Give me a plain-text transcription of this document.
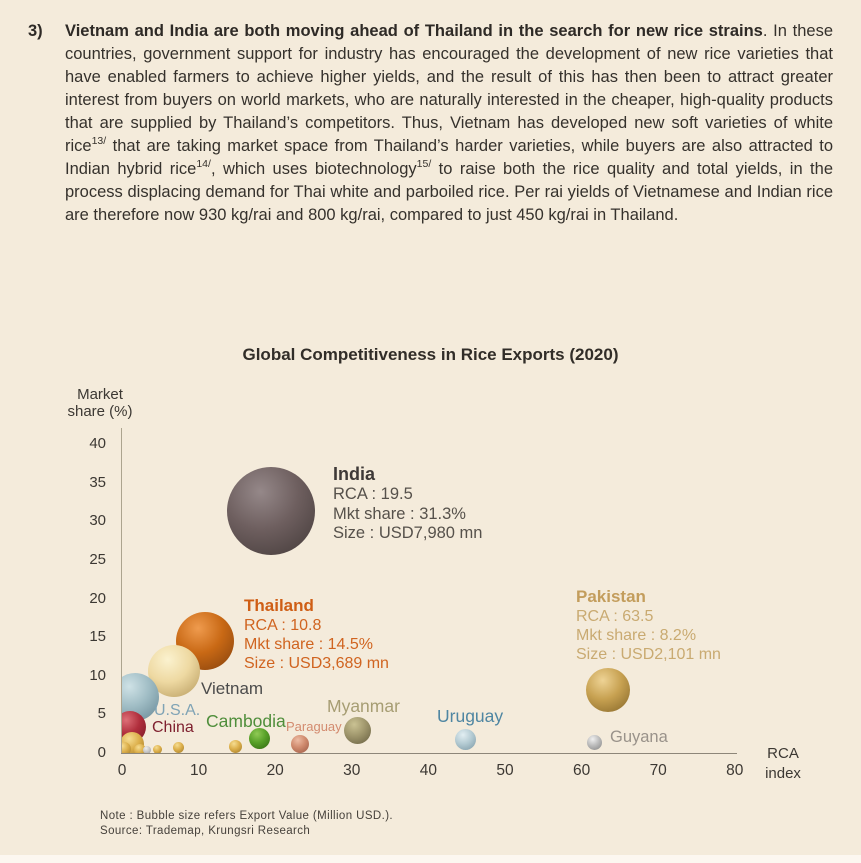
3)	Vietnam and India are both moving ahead of Thailand in the search for new rice strains. In these countries, government support for industry has encouraged the development of new rice varieties that have enabled farmers to achieve higher yields, and the result of this has then been to attract greater interest from buyers on world markets, who are naturally interested in the cheaper, high-quality products that are supplied by Thailand’s competitors. Thus, Vietnam has developed new soft varieties of white rice$^{13/}$ that are taking market space from Thailand’s harder varieties, while buyers are also attracted to Indian hybrid rice$^{14/}$, which uses biotechnology$^{15/}$ to raise both the rice quality and total yields, in the process displacing demand for Thai white and parboiled rice. Per rai yields of Vietnamese and Indian rice are therefore now 930 kg/rai and 800 kg/rai, compared to just 450 kg/rai in Thailand.
Global Competitiveness in Rice Exports (2020)
Market
share (%)
0
5
10
15
20
25
30
35
40
0	10	20	30	40	50	60	70	80
RCA
index
Vietnam
U.S.A.
China Cambodia Paraguay
Myanmar Uruguay
Guyana
India
RCA : 19.5
Mkt share : 31.3%
Size : USD7,980 mn
Thailand
RCA : 10.8
Mkt share : 14.5%
Size : USD3,689 mn
Pakistan
RCA : 63.5
Mkt share : 8.2%
Size : USD2,101 mn
Note : Bubble size refers Export Value (Million USD.).
Source: Trademap, Krungsri Research
